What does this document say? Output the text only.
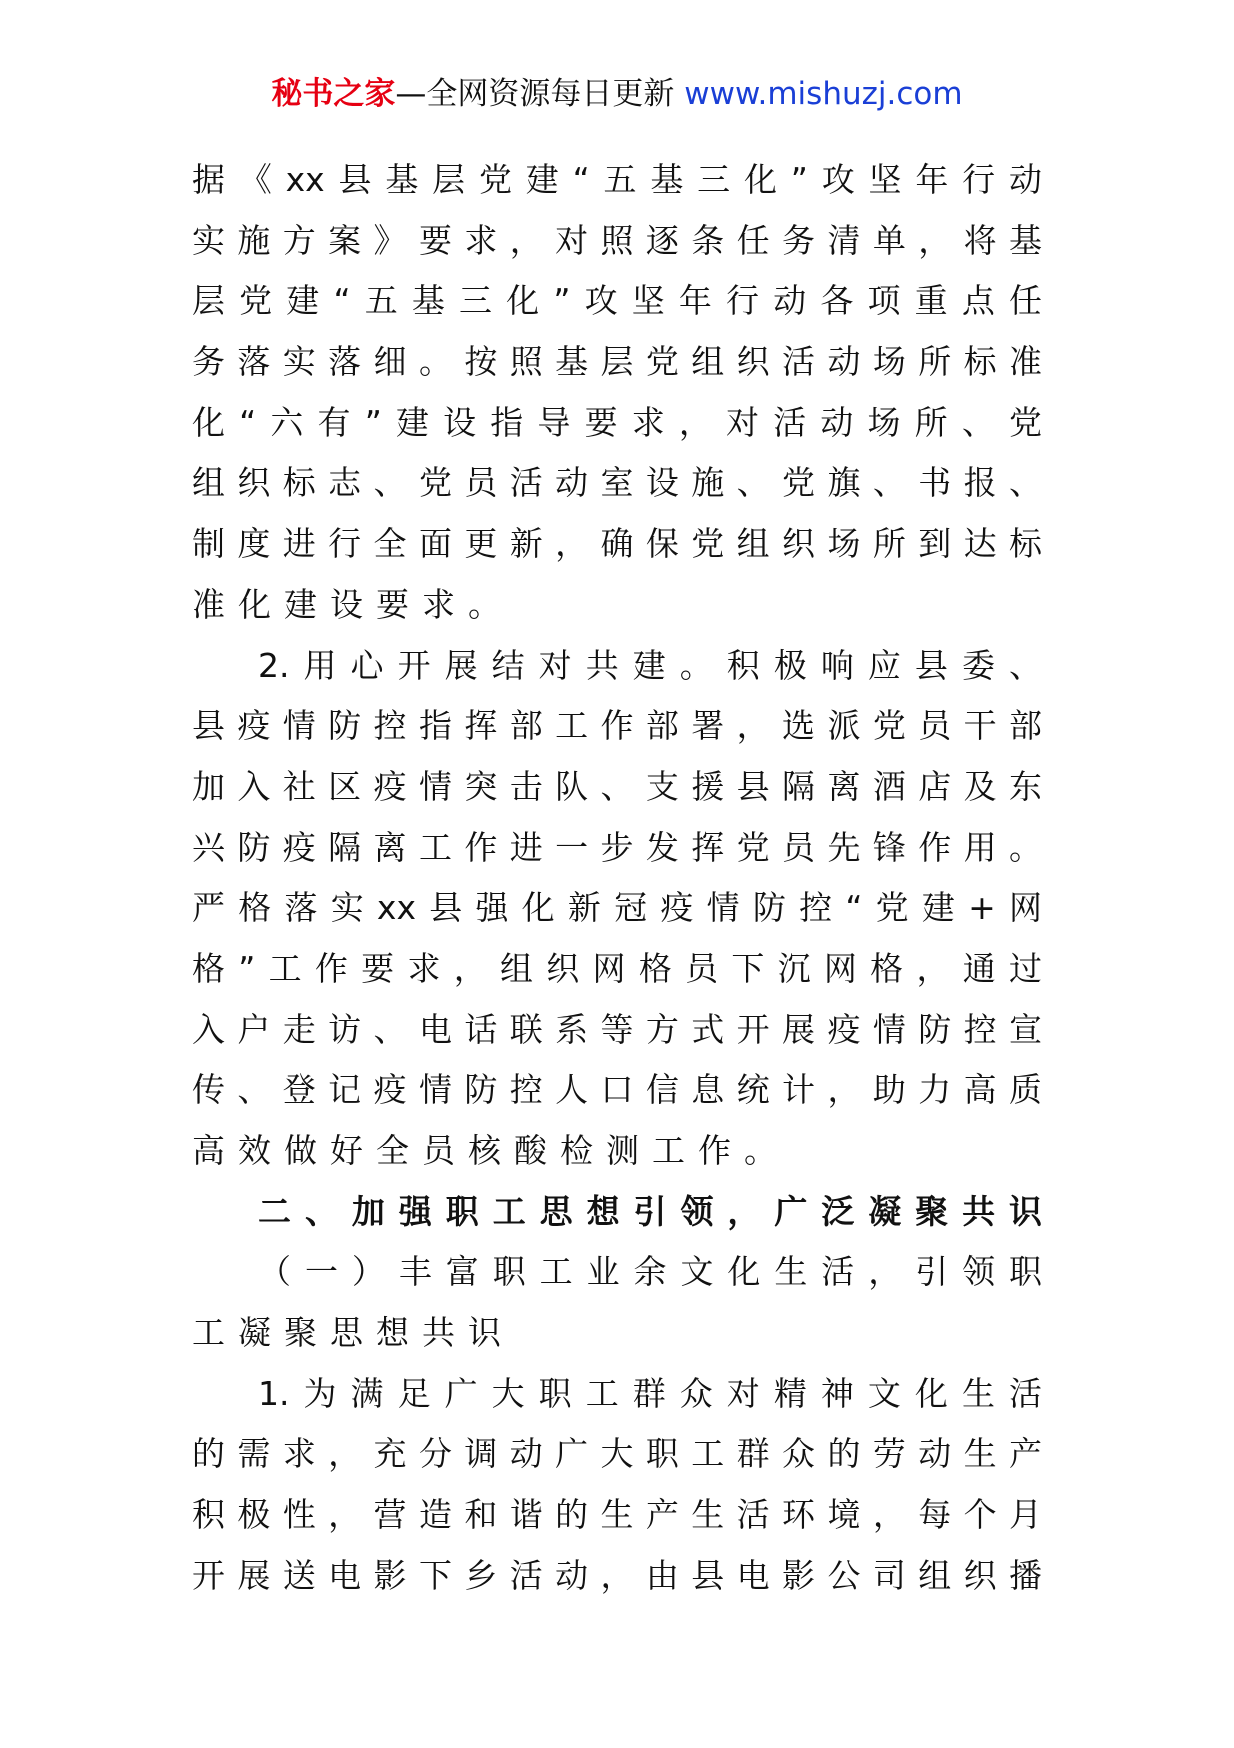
秘书之家—全网资源每日更新 www.mishuzj.com
据《xx县基层党建“五基三化”攻坚年行动
实施方案》要求，对照逐条任务清单，将基
层党建“五基三化”攻坚年行动各项重点任
务落实落细。按照基层党组织活动场所标准
化“六有”建设指导要求，对活动场所、党
组织标志、党员活动室设施、党旗、书报、
制度进行全面更新，确保党组织场所到达标
准化建设要求。
2.用心开展结对共建。积极响应县委、
县疫情防控指挥部工作部署，选派党员干部
加入社区疫情突击队、支援县隔离酒店及东
兴防疫隔离工作进一步发挥党员先锋作用。
严格落实xx县强化新冠疫情防控“党建+网
格”工作要求，组织网格员下沉网格，通过
入户走访、电话联系等方式开展疫情防控宣
传、登记疫情防控人口信息统计，助力高质
高效做好全员核酸检测工作。
二、加强职工思想引领，广泛凝聚共识
（一）丰富职工业余文化生活，引领职
工凝聚思想共识
1.为满足广大职工群众对精神文化生活
的需求，充分调动广大职工群众的劳动生产
积极性，营造和谐的生产生活环境，每个月
开展送电影下乡活动，由县电影公司组织播
